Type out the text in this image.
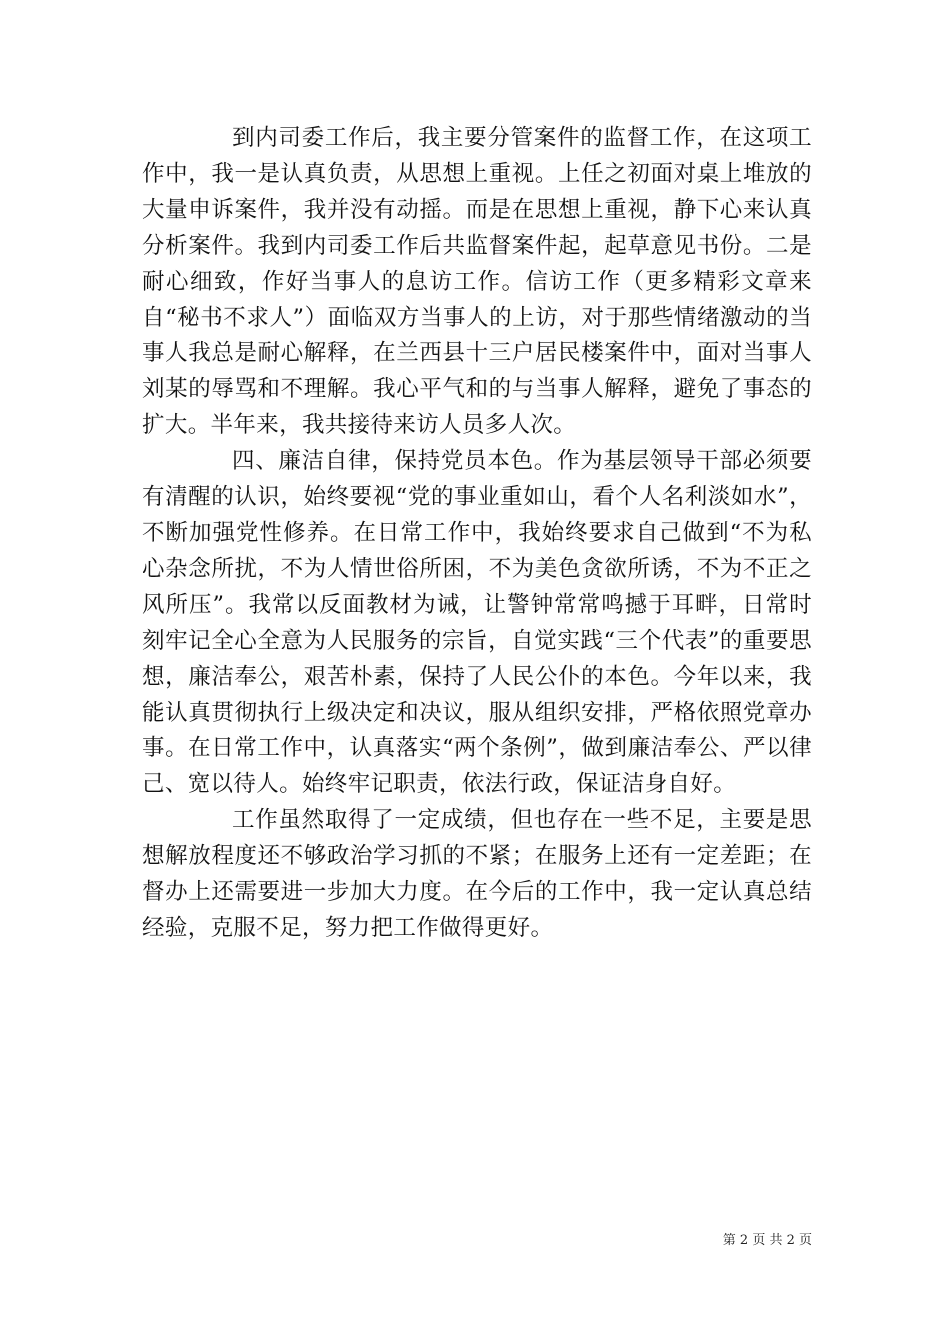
到内司委工作后，我主要分管案件的监督工作，在这项工作中，我一是认真负责，从思想上重视。上任之初面对桌上堆放的大量申诉案件，我并没有动摇。而是在思想上重视，静下心来认真分析案件。我到内司委工作后共监督案件起，起草意见书份。二是耐心细致，作好当事人的息访工作。信访工作（更多精彩文章来自“秘书不求人”）面临双方当事人的上访，对于那些情绪激动的当事人我总是耐心解释，在兰西县十三户居民楼案件中，面对当事人刘某的辱骂和不理解。我心平气和的与当事人解释，避免了事态的扩大。半年来，我共接待来访人员多人次。

四、廉洁自律，保持党员本色。作为基层领导干部必须要有清醒的认识，始终要视“党的事业重如山，看个人名利淡如水”，不断加强党性修养。在日常工作中，我始终要求自己做到“不为私心杂念所扰，不为人情世俗所困，不为美色贪欲所诱，不为不正之风所压”。我常以反面教材为诫，让警钟常常鸣撼于耳畔，日常时刻牢记全心全意为人民服务的宗旨，自觉实践“三个代表”的重要思想，廉洁奉公，艰苦朴素，保持了人民公仆的本色。今年以来，我能认真贯彻执行上级决定和决议，服从组织安排，严格依照党章办事。在日常工作中，认真落实“两个条例”，做到廉洁奉公、严以律己、宽以待人。始终牢记职责，依法行政，保证洁身自好。

工作虽然取得了一定成绩，但也存在一些不足，主要是思想解放程度还不够政治学习抓的不紧；在服务上还有一定差距；在督办上还需要进一步加大力度。在今后的工作中，我一定认真总结经验，克服不足，努力把工作做得更好。

第 2 页 共 2 页
